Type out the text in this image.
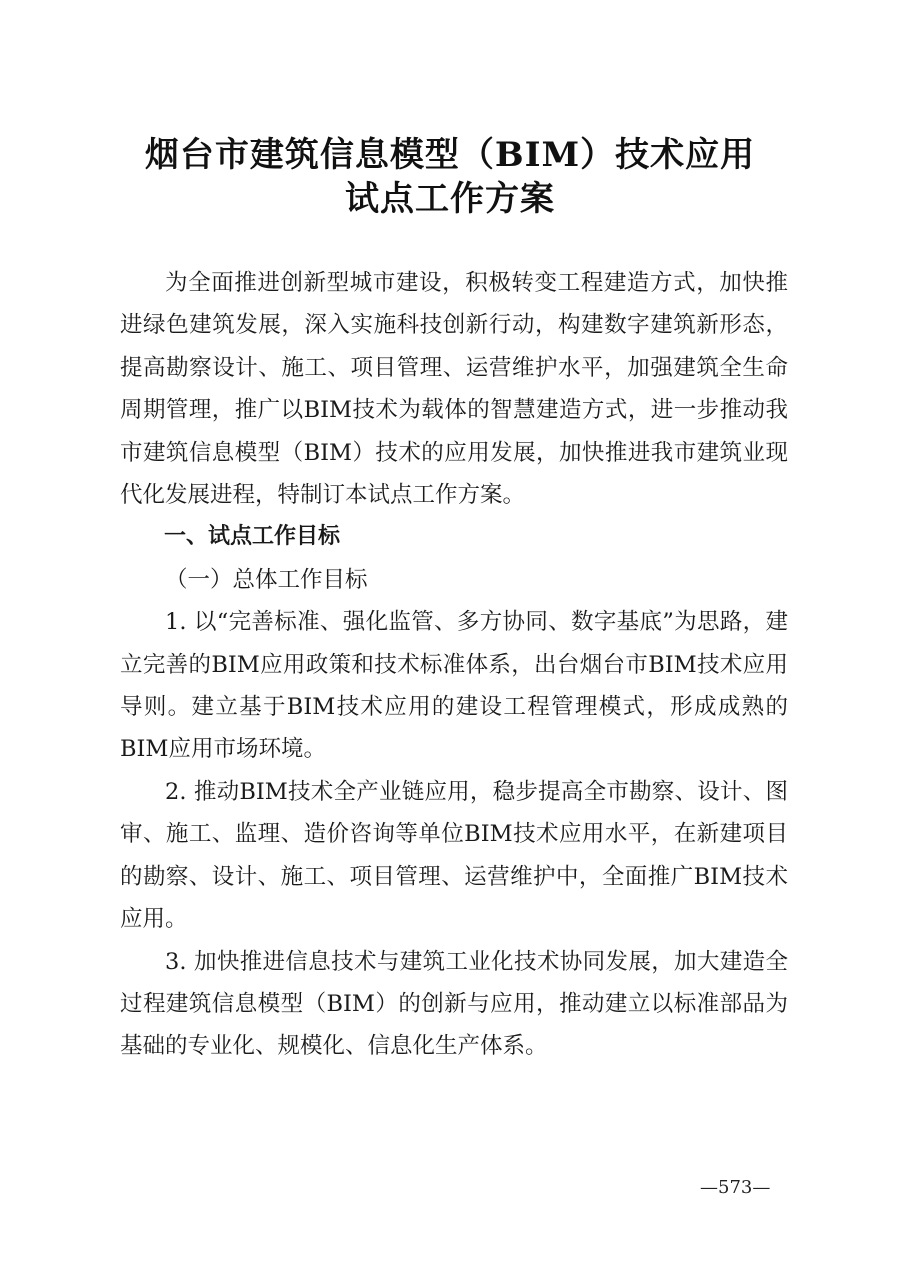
烟台市建筑信息模型（BIM）技术应用
试点工作方案

为全面推进创新型城市建设，积极转变工程建造方式，加快推进绿色建筑发展，深入实施科技创新行动，构建数字建筑新形态，提高勘察设计、施工、项目管理、运营维护水平，加强建筑全生命周期管理，推广以BIM技术为载体的智慧建造方式，进一步推动我市建筑信息模型（BIM）技术的应用发展，加快推进我市建筑业现代化发展进程，特制订本试点工作方案。

一、试点工作目标

（一）总体工作目标

1. 以“完善标准、强化监管、多方协同、数字基底”为思路，建立完善的BIM应用政策和技术标准体系，出台烟台市BIM技术应用导则。建立基于BIM技术应用的建设工程管理模式，形成成熟的BIM应用市场环境。

2. 推动BIM技术全产业链应用，稳步提高全市勘察、设计、图审、施工、监理、造价咨询等单位BIM技术应用水平，在新建项目的勘察、设计、施工、项目管理、运营维护中，全面推广BIM技术应用。

3. 加快推进信息技术与建筑工业化技术协同发展，加大建造全过程建筑信息模型（BIM）的创新与应用，推动建立以标准部品为基础的专业化、规模化、信息化生产体系。

—573—
